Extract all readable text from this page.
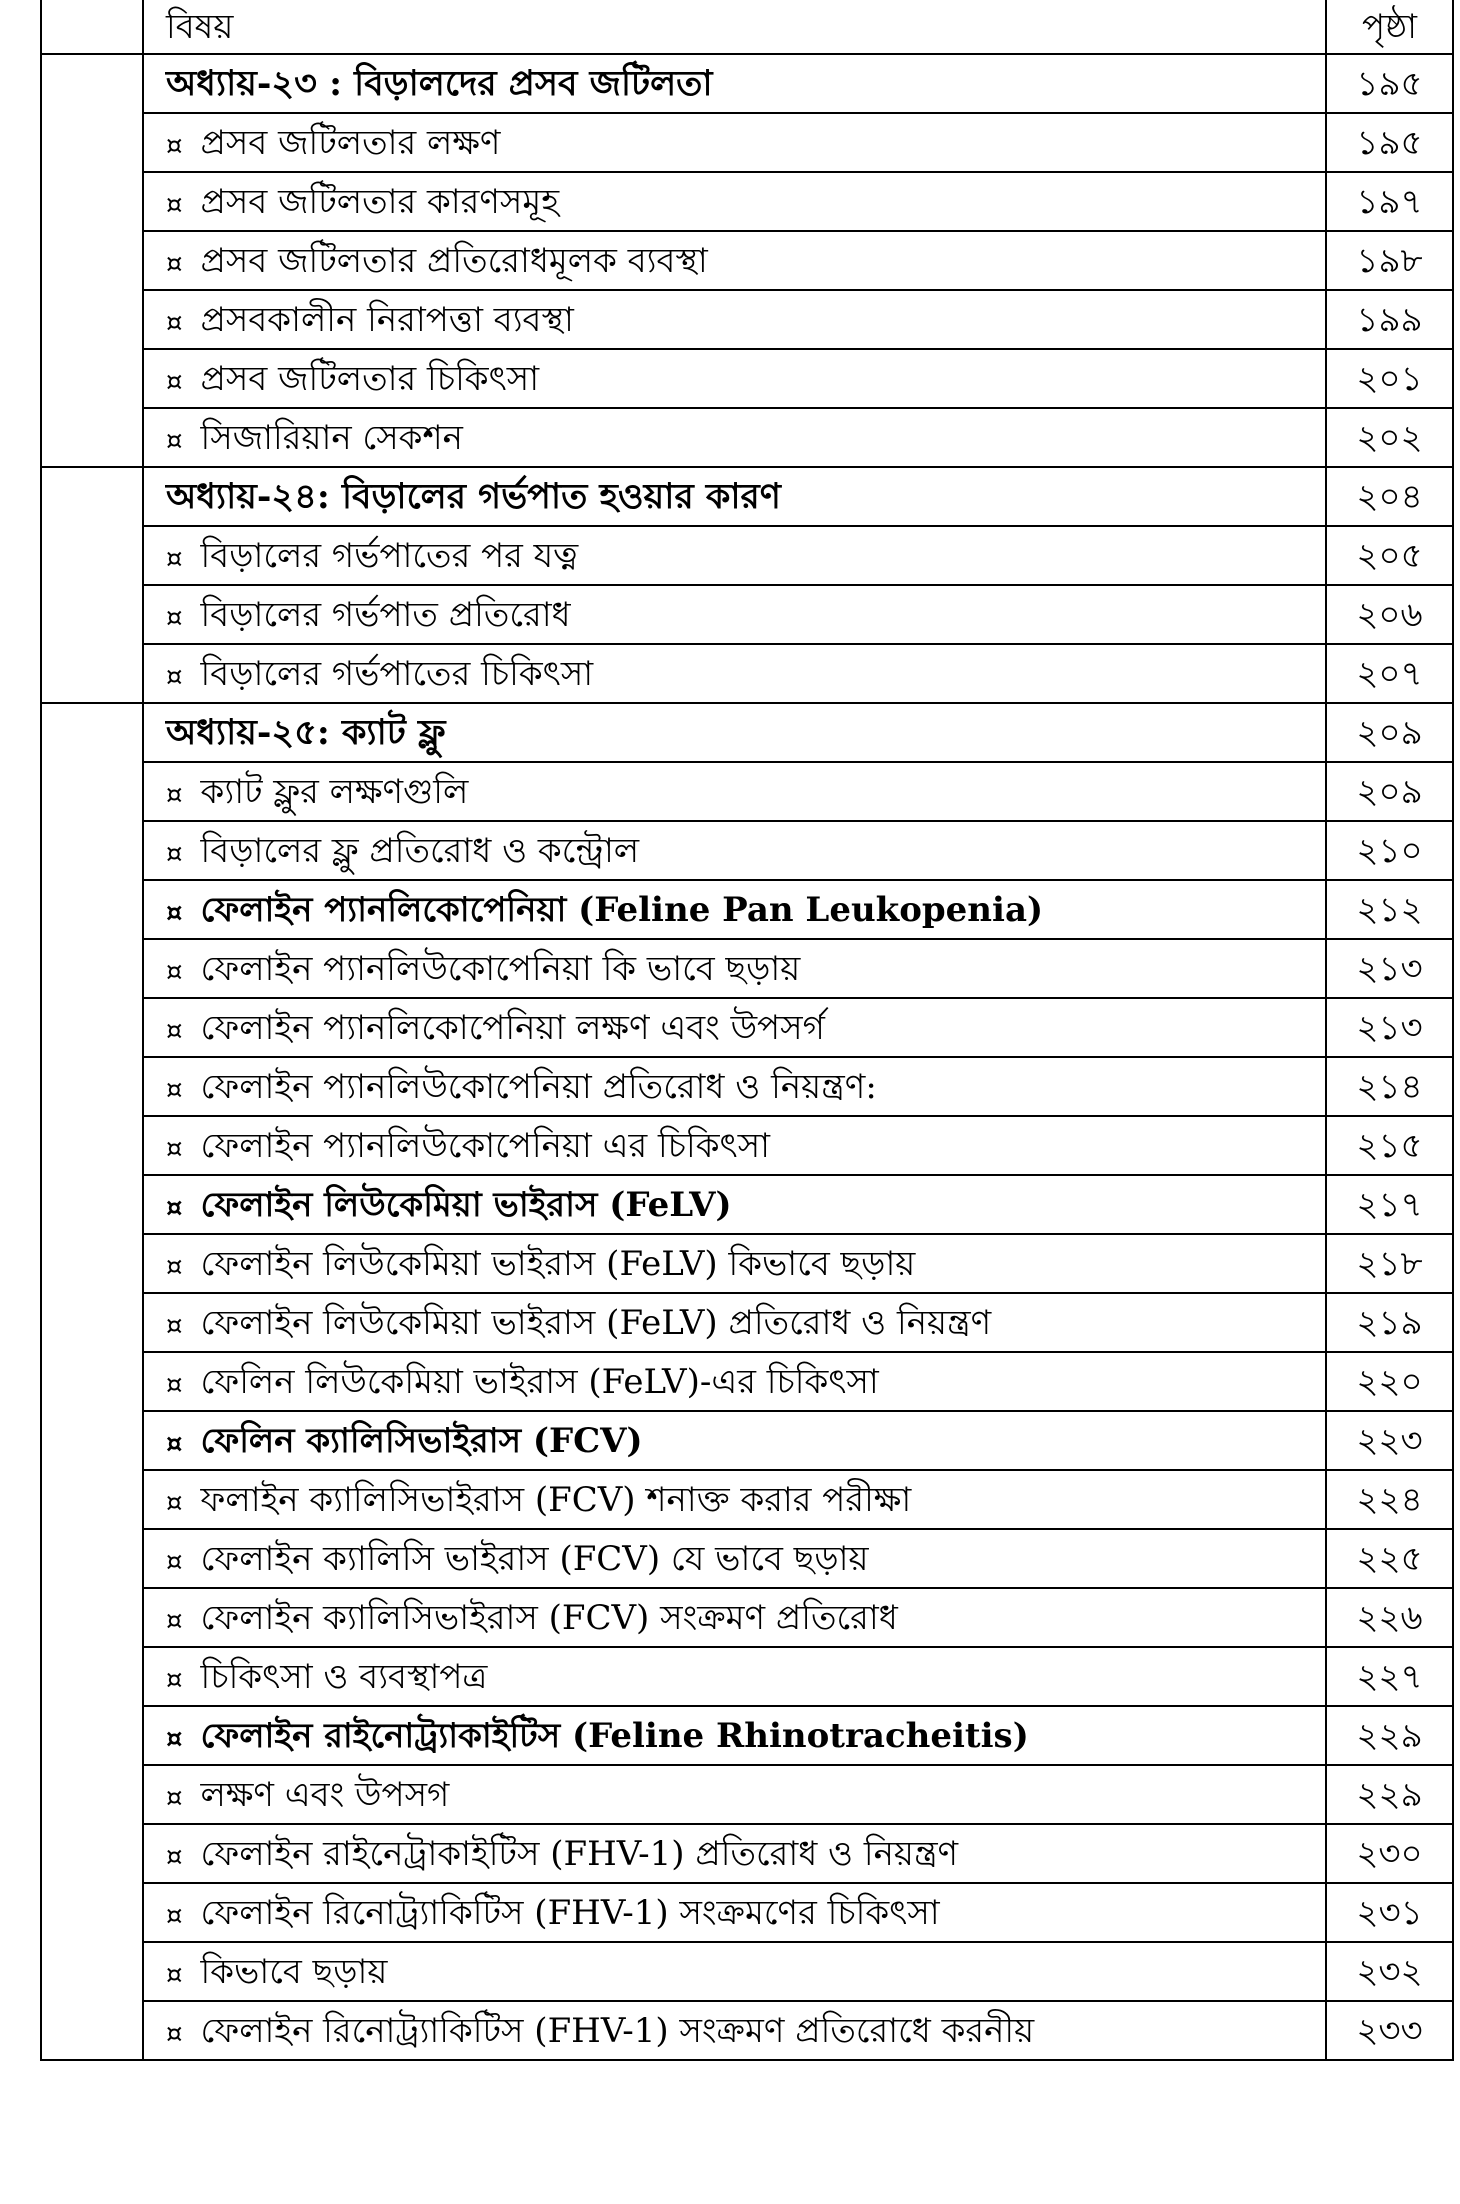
	বিষয়	পৃষ্ঠা
	অধ্যায়-২৩ : বিড়ালদের প্রসব জটিলতা	১৯৫
	¤ প্রসব জটিলতার লক্ষণ	১৯৫
	¤ প্রসব জটিলতার কারণসমূহ	১৯৭
	¤ প্রসব জটিলতার প্রতিরোধমূলক ব্যবস্থা	১৯৮
	¤ প্রসবকালীন নিরাপত্তা ব্যবস্থা	১৯৯
	¤ প্রসব জটিলতার চিকিৎসা	২০১
	¤ সিজারিয়ান সেকশন	২০২
	অধ্যায়-২৪: বিড়ালের গর্ভপাত হওয়ার কারণ	২০৪
	¤ বিড়ালের গর্ভপাতের পর যত্ন	২০৫
	¤ বিড়ালের গর্ভপাত প্রতিরোধ	২০৬
	¤ বিড়ালের গর্ভপাতের চিকিৎসা	২০৭
	অধ্যায়-২৫: ক্যাট ফ্লু	২০৯
	¤ ক্যাট ফ্লুর লক্ষণগুলি	২০৯
	¤ বিড়ালের ফ্লু প্রতিরোধ ও কন্ট্রোল	২১০
	¤ ফেলাইন প্যানলিকোপেনিয়া (Feline Pan Leukopenia)	২১২
	¤ ফেলাইন প্যানলিউকোপেনিয়া কি ভাবে ছড়ায়	২১৩
	¤ ফেলাইন প্যানলিকোপেনিয়া লক্ষণ এবং উপসর্গ	২১৩
	¤ ফেলাইন প্যানলিউকোপেনিয়া প্রতিরোধ ও নিয়ন্ত্রণ:	২১৪
	¤ ফেলাইন প্যানলিউকোপেনিয়া এর চিকিৎসা	২১৫
	¤ ফেলাইন লিউকেমিয়া ভাইরাস (FeLV)	২১৭
	¤ ফেলাইন লিউকেমিয়া ভাইরাস (FeLV) কিভাবে ছড়ায়	২১৮
	¤ ফেলাইন লিউকেমিয়া ভাইরাস (FeLV) প্রতিরোধ ও নিয়ন্ত্রণ	২১৯
	¤ ফেলিন লিউকেমিয়া ভাইরাস (FeLV)-এর চিকিৎসা	২২০
	¤ ফেলিন ক্যালিসিভাইরাস (FCV)	২২৩
	¤ ফলাইন ক্যালিসিভাইরাস (FCV) শনাক্ত করার পরীক্ষা	২২৪
	¤ ফেলাইন ক্যালিসি ভাইরাস (FCV) যে ভাবে ছড়ায়	২২৫
	¤ ফেলাইন ক্যালিসিভাইরাস (FCV) সংক্রমণ প্রতিরোধ	২২৬
	¤ চিকিৎসা ও ব্যবস্থাপত্র	২২৭
	¤ ফেলাইন রাইনোট্র্যাকাইটিস (Feline Rhinotracheitis)	২২৯
	¤ লক্ষণ এবং উপসগ	২২৯
	¤ ফেলাইন রাইনেট্রাকাইটিস (FHV-1) প্রতিরোধ ও নিয়ন্ত্রণ	২৩০
	¤ ফেলাইন রিনোট্র্যাকিটিস (FHV-1) সংক্রমণের চিকিৎসা	২৩১
	¤ কিভাবে ছড়ায়	২৩২
	¤ ফেলাইন রিনোট্র্যাকিটিস (FHV-1) সংক্রমণ প্রতিরোধে করনীয়	২৩৩
